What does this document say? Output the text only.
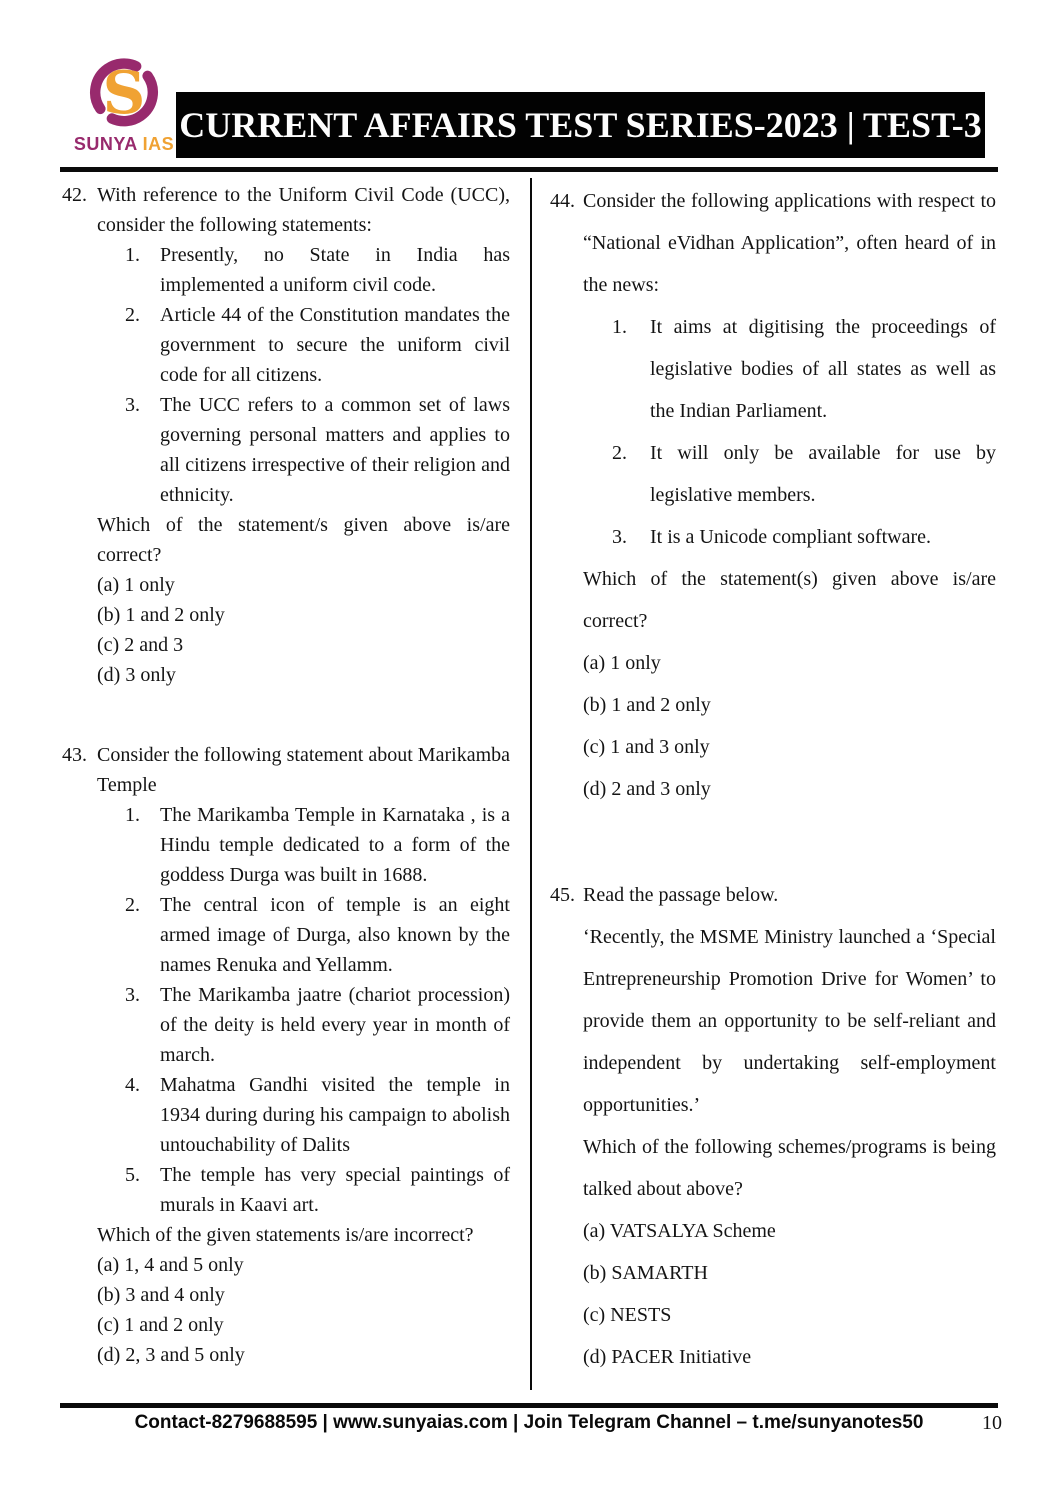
S
SUNYA IAS CURRENT AFFAIRS TEST SERIES-2023 | TEST-3
42. With reference to the Uniform Civil Code (UCC), consider the following statements:
1.	Presently, no State in India has implemented a uniform civil code.
2.	Article 44 of the Constitution mandates the government to secure the uniform civil code for all citizens.
3.	The UCC refers to a common set of laws governing personal matters and applies to all citizens irrespective of their religion and ethnicity.
Which of the statement/s given above is/are correct?
(a) 1 only
(b) 1 and 2 only
(c) 2 and 3
(d) 3 only
43. Consider the following statement about Marikamba Temple
1.	The Marikamba Temple in Karnataka , is a Hindu temple dedicated to a form of the goddess Durga was built in 1688.
2.	The central icon of temple is an eight armed image of Durga, also known by the names Renuka and Yellamm.
3.	The Marikamba jaatre (chariot procession) of the deity is held every year in month of march.
4.	Mahatma Gandhi visited the temple in 1934 during during his campaign to abolish untouchability of Dalits
5.	The temple has very special paintings of murals in Kaavi art.
Which of the given statements is/are incorrect?
(a) 1, 4 and 5 only
(b) 3 and 4 only
(c) 1 and 2 only
(d) 2, 3 and 5 only
44. Consider the following applications with respect to “National eVidhan Application”, often heard of in the news:
1.	It aims at digitising the proceedings of legislative bodies of all states as well as the Indian Parliament.
2.	It will only be available for use by legislative members.
3.	It is a Unicode compliant software.
Which of the statement(s) given above is/are correct?
(a) 1 only
(b) 1 and 2 only
(c) 1 and 3 only
(d) 2 and 3 only
45. Read the passage below.
‘Recently, the MSME Ministry launched a ‘Special Entrepreneurship Promotion Drive for Women’ to provide them an opportunity to be self-reliant and independent by undertaking self-employment opportunities.’
Which of the following schemes/programs is being talked about above?
(a) VATSALYA Scheme
(b) SAMARTH
(c) NESTS
(d) PACER Initiative
Contact-8279688595 | www.sunyaias.com | Join Telegram Channel – t.me/sunyanotes50	10
